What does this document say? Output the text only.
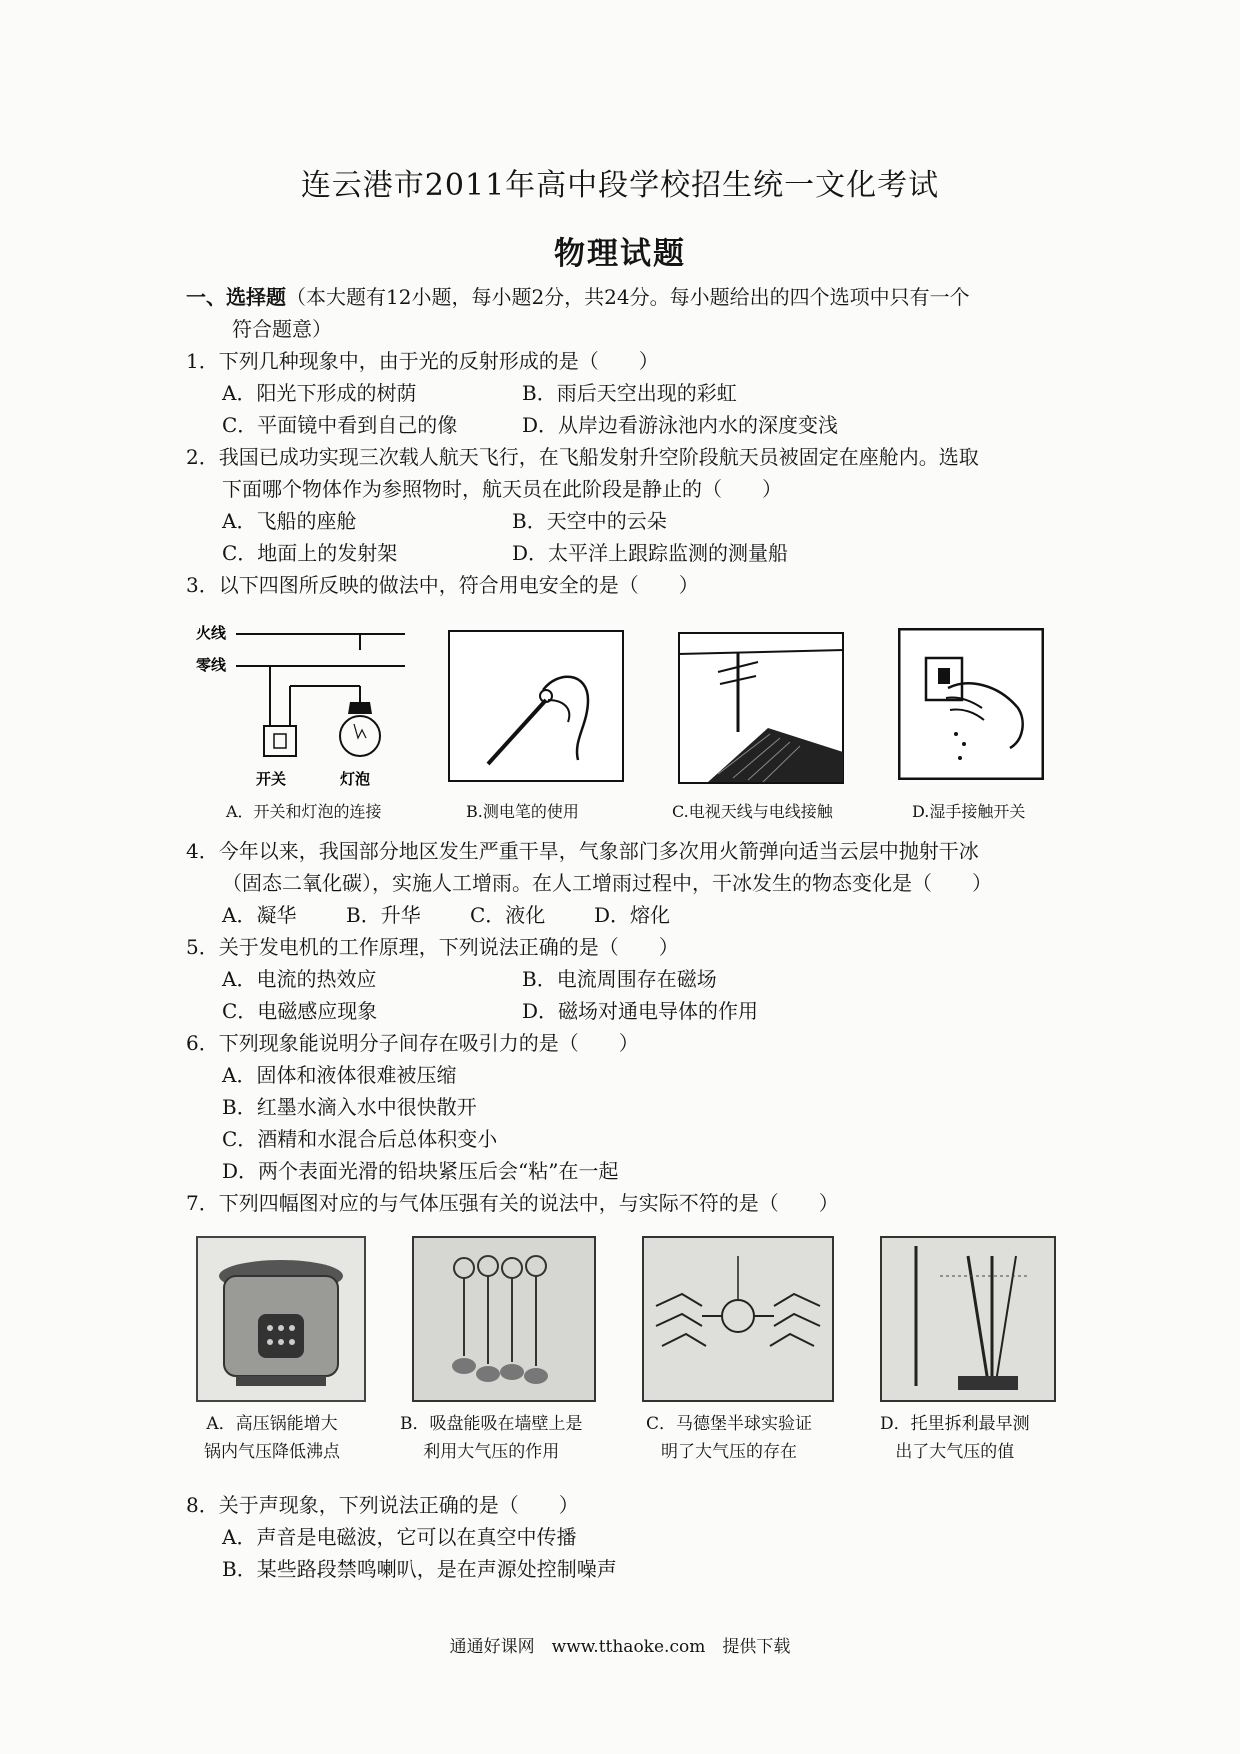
连云港市2011年高中段学校招生统一文化考试
物理试题
一、选择题（本大题有12小题，每小题2分，共24分。每小题给出的四个选项中只有一个
符合题意）
1．下列几种现象中，由于光的反射形成的是（　　）
A．阳光下形成的树荫	B．雨后天空出现的彩虹
C．平面镜中看到自己的像	D．从岸边看游泳池内水的深度变浅
2．我国已成功实现三次载人航天飞行，在飞船发射升空阶段航天员被固定在座舱内。选取
下面哪个物体作为参照物时，航天员在此阶段是静止的（　　）
A．飞船的座舱	B．天空中的云朵
C．地面上的发射架	D．太平洋上跟踪监测的测量船
3．以下四图所反映的做法中，符合用电安全的是（　　）
火线
零线
开关	灯泡
A．开关和灯泡的连接	B.测电笔的使用	C.电视天线与电线接触	D.湿手接触开关
4．今年以来，我国部分地区发生严重干旱，气象部门多次用火箭弹向适当云层中抛射干冰
（固态二氧化碳），实施人工增雨。在人工增雨过程中，干冰发生的物态变化是（　　）
A．凝华 B．升华 C．液化 D．熔化
5．关于发电机的工作原理，下列说法正确的是（　　）
A．电流的热效应	B．电流周围存在磁场
C．电磁感应现象	D．磁场对通电导体的作用
6．下列现象能说明分子间存在吸引力的是（　　）
A．固体和液体很难被压缩
B．红墨水滴入水中很快散开
C．酒精和水混合后总体积变小
D．两个表面光滑的铅块紧压后会“粘”在一起
7．下列四幅图对应的与气体压强有关的说法中，与实际不符的是（　　）
A．高压锅能增大
锅内气压降低沸点
B．吸盘能吸在墙壁上是
利用大气压的作用
C．马德堡半球实验证
明了大气压的存在
D．托里拆利最早测
出了大气压的值
8．关于声现象，下列说法正确的是（　　）
A．声音是电磁波，它可以在真空中传播
B．某些路段禁鸣喇叭，是在声源处控制噪声
通通好课网　www.tthaoke.com　提供下载
